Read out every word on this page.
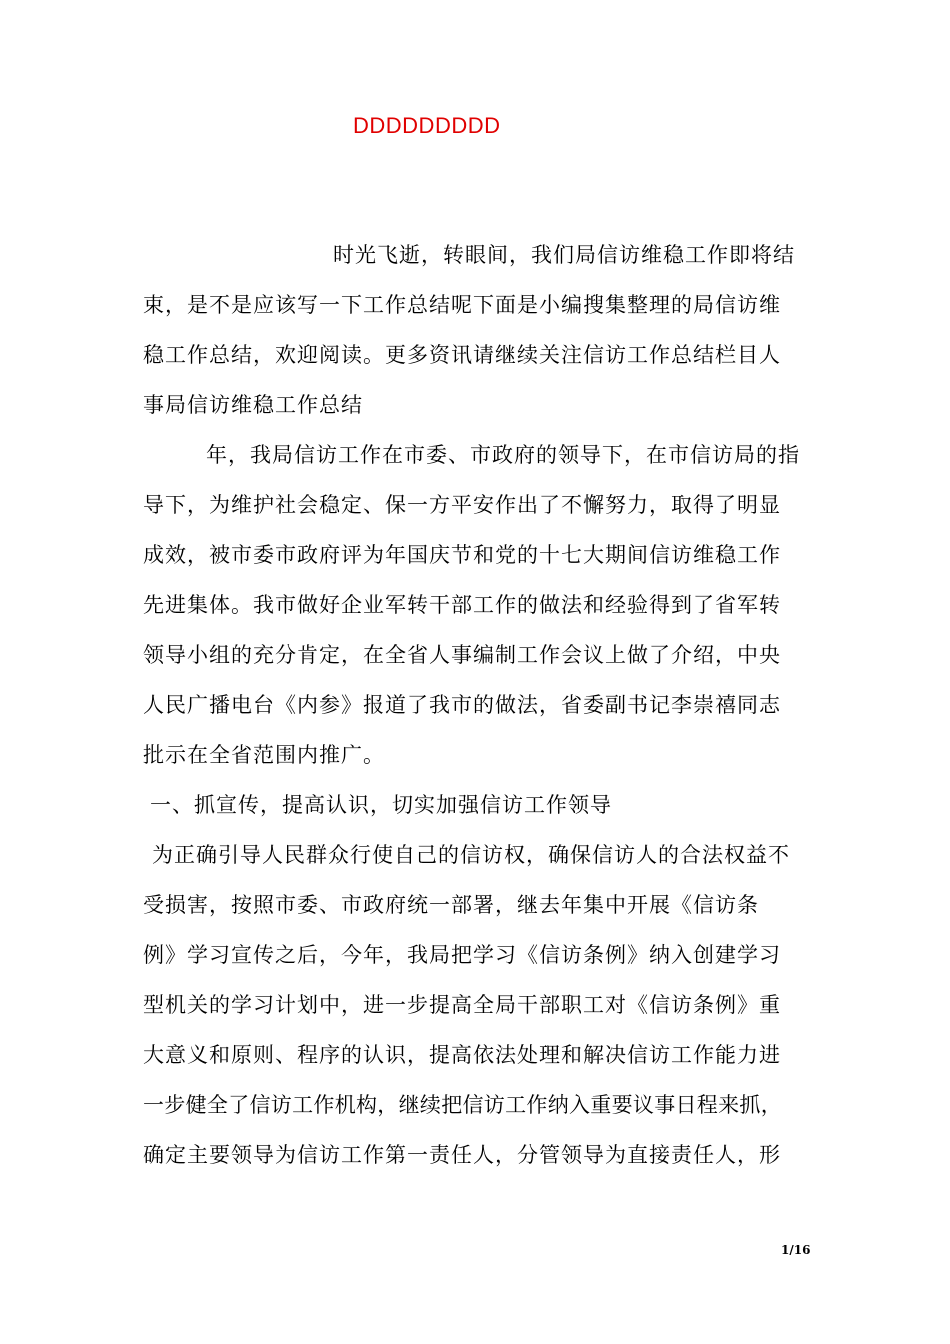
DDDDDDDDD
时光飞逝，转眼间，我们局信访维稳工作即将结
束，是不是应该写一下工作总结呢下面是小编搜集整理的局信访维
稳工作总结，欢迎阅读。更多资讯请继续关注信访工作总结栏目人
事局信访维稳工作总结
年，我局信访工作在市委、市政府的领导下，在市信访局的指
导下，为维护社会稳定、保一方平安作出了不懈努力，取得了明显
成效，被市委市政府评为年国庆节和党的十七大期间信访维稳工作
先进集体。我市做好企业军转干部工作的做法和经验得到了省军转
领导小组的充分肯定，在全省人事编制工作会议上做了介绍，中央
人民广播电台《内参》报道了我市的做法，省委副书记李崇禧同志
批示在全省范围内推广。
一、抓宣传，提高认识，切实加强信访工作领导
为正确引导人民群众行使自己的信访权，确保信访人的合法权益不
受损害，按照市委、市政府统一部署，继去年集中开展《信访条
例》学习宣传之后，今年，我局把学习《信访条例》纳入创建学习
型机关的学习计划中，进一步提高全局干部职工对《信访条例》重
大意义和原则、程序的认识，提高依法处理和解决信访工作能力进
一步健全了信访工作机构，继续把信访工作纳入重要议事日程来抓，
确定主要领导为信访工作第一责任人，分管领导为直接责任人，形
1/16
